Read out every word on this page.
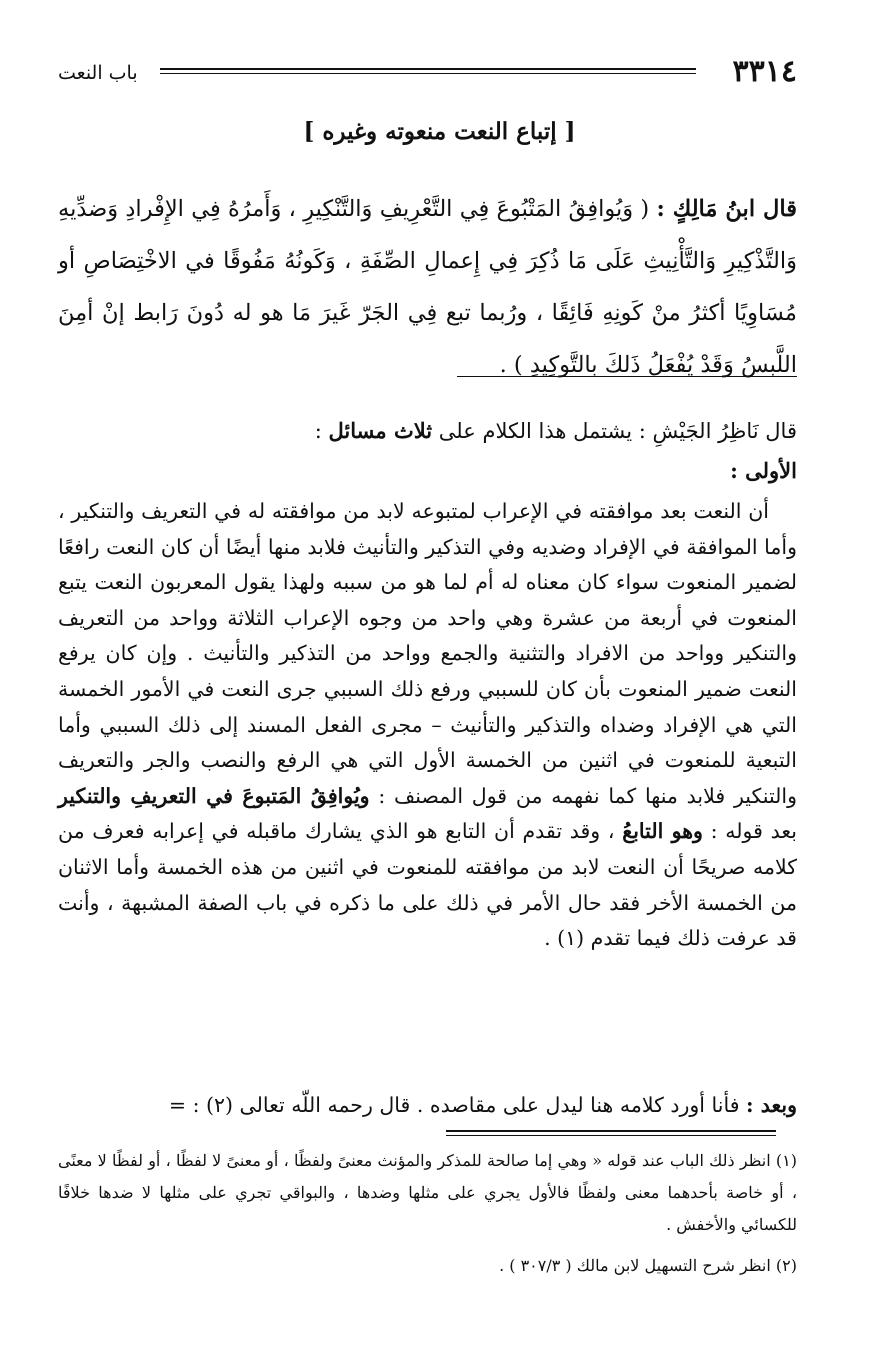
٣٣١٤
باب النعت
[ إتباع النعت منعوته وغيره ]
قال ابنُ مَالِكٍ : ( وَيُوافِقُ المَتْبُوعَ فِي التَّعْرِيفِ وَالتَّنْكِيرِ ، وَأَمرُهُ فِي الإِفْرادِ وَضدِّيهِ وَالتَّذْكِيرِ وَالتَّأْنِيثِ عَلَى مَا ذُكِرَ فِي إِعمالِ الصِّفَةِ ، وَكَونُهُ مَفُوقًا في الاخْتِصَاصِ أو مُسَاوِيًا أكثرُ منْ كَونِهِ فَائِقًا ، ورُبما تبع فِي الجَرّ غَيرَ مَا هو له دُونَ رَابط إنْ أمِنَ اللَّبسُ وَقَدْ يُفْعَلُ ذَلكَ بالتَّوكِيدِ ) .
قال نَاظِرُ الجَيْشِ : يشتمل هذا الكلام على ثلاث مسائل :
الأولى :
أن النعت بعد موافقته في الإعراب لمتبوعه لابد من موافقته له في التعريف والتنكير ، وأما الموافقة في الإفراد وضديه وفي التذكير والتأنيث فلابد منها أيضًا أن كان النعت رافعًا لضمير المنعوت سواء كان معناه له أم لما هو من سببه ولهذا يقول المعربون النعت يتبع المنعوت في أربعة من عشرة وهي واحد من وجوه الإعراب الثلاثة وواحد من التعريف والتنكير وواحد من الافراد والتثنية والجمع وواحد من التذكير والتأنيث . وإن كان يرفع النعت ضمير المنعوت بأن كان للسببي ورفع ذلك السببي جرى النعت في الأمور الخمسة التي هي الإفراد وضداه والتذكير والتأنيث – مجرى الفعل المسند إلى ذلك السببي وأما التبعية للمنعوت في اثنين من الخمسة الأول التي هي الرفع والنصب والجر والتعريف والتنكير فلابد منها كما نفهمه من قول المصنف : ويُوافِقُ المَتبوعَ في التعريفِ والتنكير بعد قوله : وهو التابعُ ، وقد تقدم أن التابع هو الذي يشارك ماقبله في إعرابه فعرف من كلامه صريحًا أن النعت لابد من موافقته للمنعوت في اثنين من هذه الخمسة وأما الاثنان من الخمسة الأخر فقد حال الأمر في ذلك على ما ذكره في باب الصفة المشبهة ، وأنت قد عرفت ذلك فيما تقدم (١) .
وبعد : فأنا أورد كلامه هنا ليدل على مقاصده . قال رحمه اللّه تعالى (٢) : =
(١) انظر ذلك الباب عند قوله « وهي إما صالحة للمذكر والمؤنث معنىً ولفظًا ، أو معنىً لا لفظًا ، أو لفظًا لا معنًى ، أو خاصة بأحدهما معنى ولفظًا فالأول يجري على مثلها وضدها ، والبواقي تجري على مثلها لا ضدها خلافًا للكسائي والأخفش .
(٢) انظر شرح التسهيل لابن مالك ( ٣٠٧/٣ ) .
